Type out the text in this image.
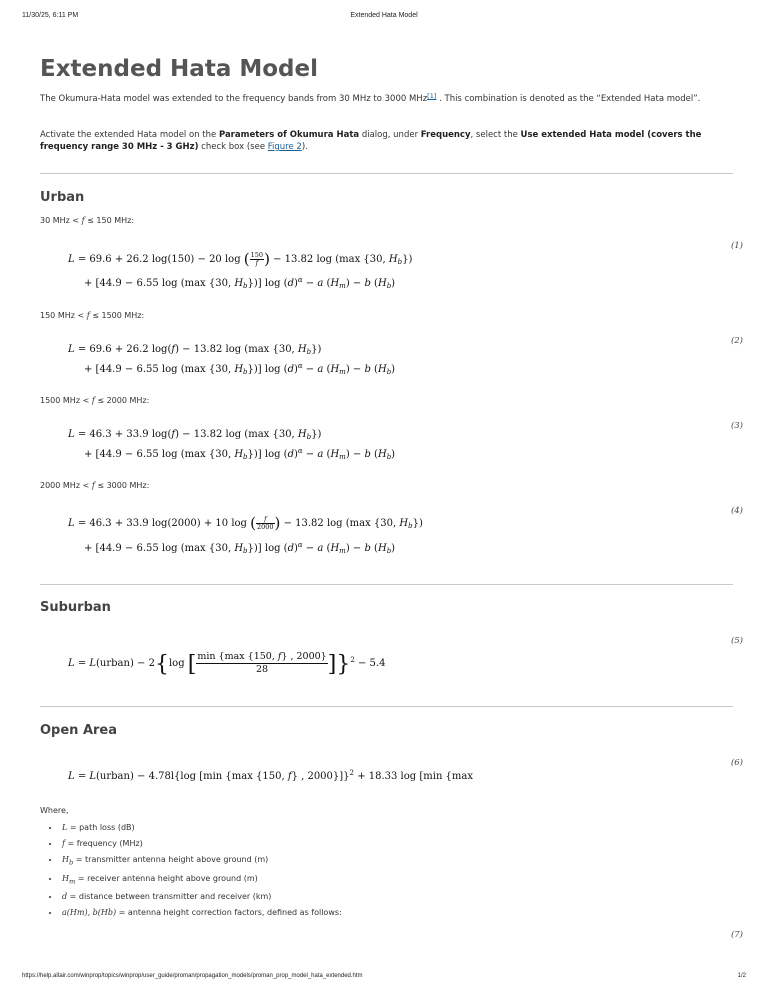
11/30/25, 6:11 PM	Extended Hata Model
Extended Hata Model

The Okumura-Hata model was extended to the frequency bands from 30 MHz to 3000 MHz[1] . This combination is denoted as the “Extended Hata model”.

Activate the extended Hata model on the Parameters of Okumura Hata dialog, under Frequency, select the Use extended Hata model (covers the frequency range 30 MHz - 3 GHz) check box (see Figure 2).

Urban
30 MHz < f ≤ 150 MHz:
(1)
L = 69.6 + 26.2 log(150) − 20 log ( $\frac{150}{f}$ ) − 13.82 log (max {30, $H_b$})
+ [44.9 − 6.55 log (max {30, $H_b$})] $\log (d)^\alpha - a$ $(H_m) - b$ $(H_b)$
150 MHz < f ≤ 1500 MHz:
(2)
L = 69.6 + 26.2 log(f) − 13.82 log (max {30, $H_b$})
+ [44.9 − 6.55 log (max {30, $H_b$})] $\log (d)^\alpha - a$ $(H_m) - b$ $(H_b)$
1500 MHz < f ≤ 2000 MHz:
(3)
L = 46.3 + 33.9 log(f) − 13.82 log (max {30, $H_b$})
+ [44.9 − 6.55 log (max {30, $H_b$})] $\log (d)^\alpha - a$ $(H_m) - b$ $(H_b)$
2000 MHz < f ≤ 3000 MHz:
(4)
L = 46.3 + 33.9 log(2000) + 10 log ( $\frac{f}{2000}$ ) − 13.82 log (max {30, $H_b$})
+ [44.9 − 6.55 log (max {30, $H_b$})] $\log (d)^\alpha - a$ $(H_m) - b$ $(H_b)$
Suburban
(5)
L = L(urban) − 2{log [ $\frac{\min \{\max \{150, f\} , 2000\}}{28} ]\}^2 - 5.4$
Open Area
(6)
L = L(urban) − 4.78l{log [min {max {150, f} , 2000}]}$^2$ + 18.33 log [min {max
Where,
• L = path loss (dB)
• f = frequency (MHz)
• $H_b$ = transmitter antenna height above ground (m)
• $H_m$ = receiver antenna height above ground (m)
• d = distance between transmitter and receiver (km)
• a(Hm), b(Hb) = antenna height correction factors, defined as follows:
(7)
https://help.altair.com/winprop/topics/winprop/user_guide/proman/propagation_models/proman_prop_model_hata_extended.htm	1/2
